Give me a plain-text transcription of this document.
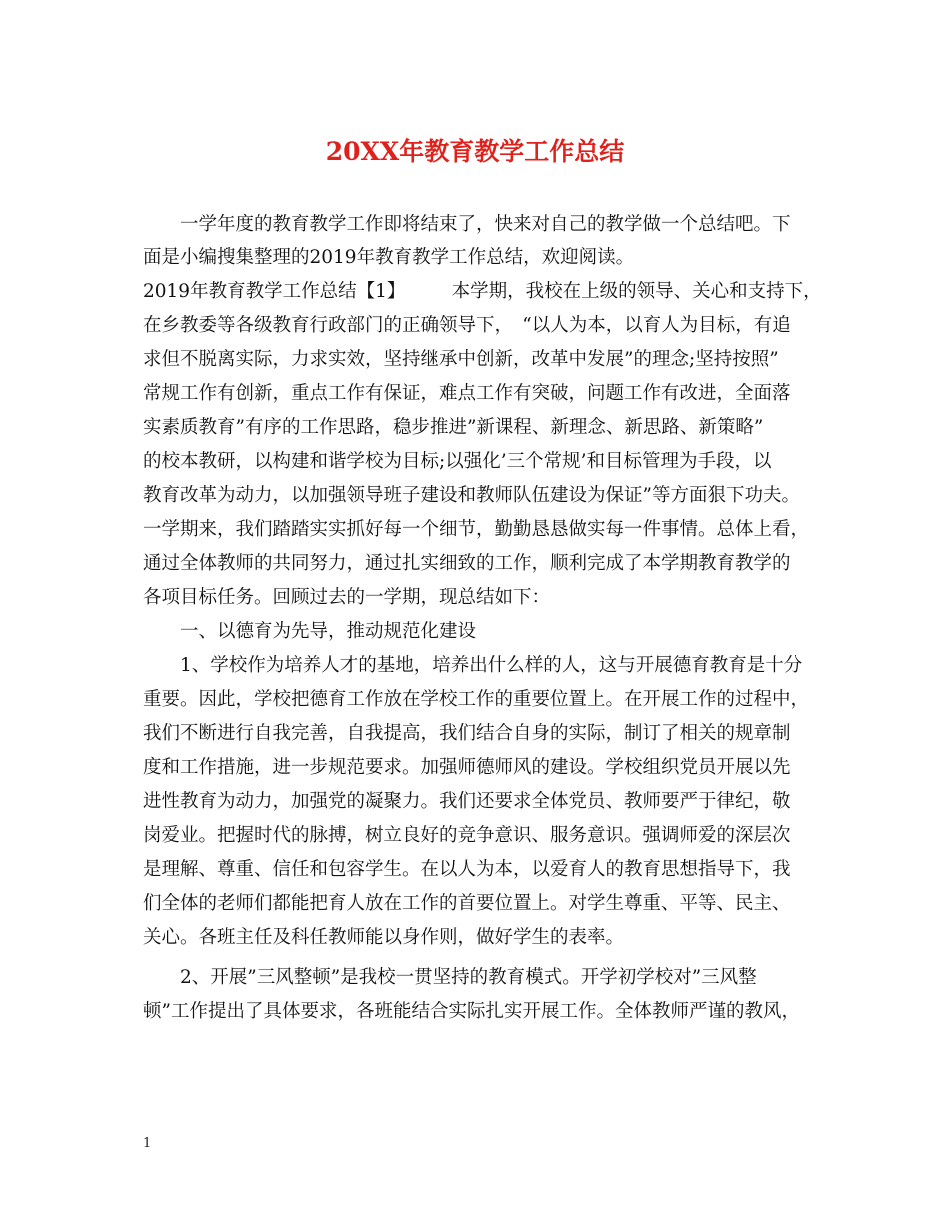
20XX年教育教学工作总结

　　一学年度的教育教学工作即将结束了，快来对自己的教学做一个总结吧。下

面是小编搜集整理的2019年教育教学工作总结，欢迎阅读。

2019年教育教学工作总结【1】　　　本学期，我校在上级的领导、关心和支持下，

在乡教委等各级教育行政部门的正确领导下，　“以人为本，以育人为目标，有追

求但不脱离实际，力求实效，坚持继承中创新，改革中发展”的理念;坚持按照”

常规工作有创新，重点工作有保证，难点工作有突破，问题工作有改进，全面落

实素质教育”有序的工作思路，稳步推进”新课程、新理念、新思路、新策略”

的校本教研，以构建和谐学校为目标;以强化’三个常规’和目标管理为手段，以

教育改革为动力，以加强领导班子建设和教师队伍建设为保证”等方面狠下功夫。

一学期来，我们踏踏实实抓好每一个细节，勤勤恳恳做实每一件事情。总体上看，

通过全体教师的共同努力，通过扎实细致的工作，顺利完成了本学期教育教学的

各项目标任务。回顾过去的一学期，现总结如下：

　　一、以德育为先导，推动规范化建设

　　1、学校作为培养人才的基地，培养出什么样的人，这与开展德育教育是十分

重要。因此，学校把德育工作放在学校工作的重要位置上。在开展工作的过程中，

我们不断进行自我完善，自我提高，我们结合自身的实际，制订了相关的规章制

度和工作措施，进一步规范要求。加强师德师风的建设。学校组织党员开展以先

进性教育为动力，加强党的凝聚力。我们还要求全体党员、教师要严于律纪，敬

岗爱业。把握时代的脉搏，树立良好的竞争意识、服务意识。强调师爱的深层次

是理解、尊重、信任和包容学生。在以人为本，以爱育人的教育思想指导下，我

们全体的老师们都能把育人放在工作的首要位置上。对学生尊重、平等、民主、

关心。各班主任及科任教师能以身作则，做好学生的表率。

　　2、开展”三风整顿”是我校一贯坚持的教育模式。开学初学校对”三风整

顿”工作提出了具体要求，各班能结合实际扎实开展工作。全体教师严谨的教风，

1
